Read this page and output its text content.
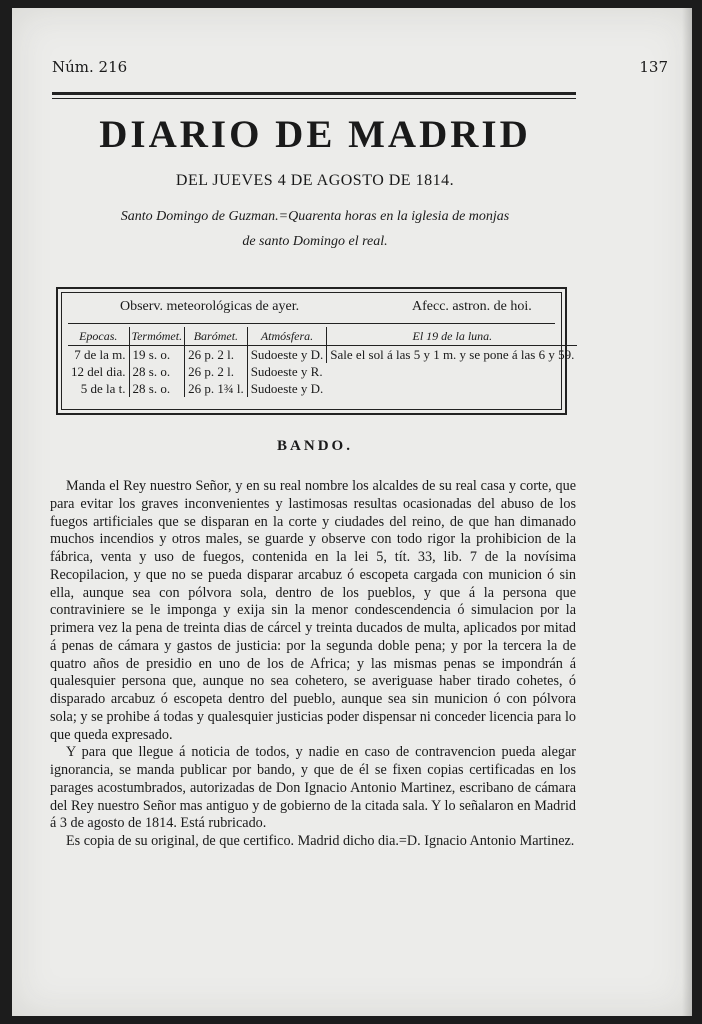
Núm. 216	137
DIARIO DE MADRID
DEL JUEVES 4 DE AGOSTO DE 1814.
Santo Domingo de Guzman.=Quarenta horas en la iglesia de monjas
de santo Domingo el real.
Observ. meteorológicas de ayer.	Afecc. astron. de hoi.
Epocas.	Termómet.	Barómet.	Atmósfera.	El 19 de la luna.
7 de la m.	19 s. o.	26 p. 2 l.	Sudoeste y D.	Sale el sol á las 5 y 1 m. y se pone á las 6 y 59.
12 del dia.	28 s. o.	26 p. 2 l.	Sudoeste y R.	
5 de la t.	28 s. o.	26 p. 1¾ l.	Sudoeste y D.	
BANDO.

Manda el Rey nuestro Señor, y en su real nombre los alcaldes de su real casa y corte, que para evitar los graves inconvenientes y lastimosas resultas ocasionadas del abuso de los fuegos artificiales que se disparan en la corte y ciudades del reino, de que han dimanado muchos incendios y otros males, se guarde y observe con todo rigor la prohibicion de la fábrica, venta y uso de fuegos, contenida en la lei 5, tít. 33, lib. 7 de la novísima Recopilacion, y que no se pueda disparar arcabuz ó escopeta cargada con municion ó sin ella, aunque sea con pólvora sola, dentro de los pueblos, y que á la persona que contraviniere se le imponga y exija sin la menor condescendencia ó simulacion por la primera vez la pena de treinta dias de cárcel y treinta ducados de multa, aplicados por mitad á penas de cámara y gastos de justicia: por la segunda doble pena; y por la tercera la de quatro años de presidio en uno de los de Africa; y las mismas penas se impondrán á qualesquier persona que, aunque no sea cohetero, se averiguase haber tirado cohetes, ó disparado arcabuz ó escopeta dentro del pueblo, aunque sea sin municion ó con pólvora sola; y se prohibe á todas y qualesquier justicias poder dispensar ni conceder licencia para lo que queda expresado.

Y para que llegue á noticia de todos, y nadie en caso de contravencion pueda alegar ignorancia, se manda publicar por bando, y que de él se fixen copias certificadas en los parages acostumbrados, autorizadas de Don Ignacio Antonio Martinez, escribano de cámara del Rey nuestro Señor mas antiguo y de gobierno de la citada sala. Y lo señalaron en Madrid á 3 de agosto de 1814. Está rubricado.

Es copia de su original, de que certifico. Madrid dicho dia.=D. Ignacio Antonio Martinez.
